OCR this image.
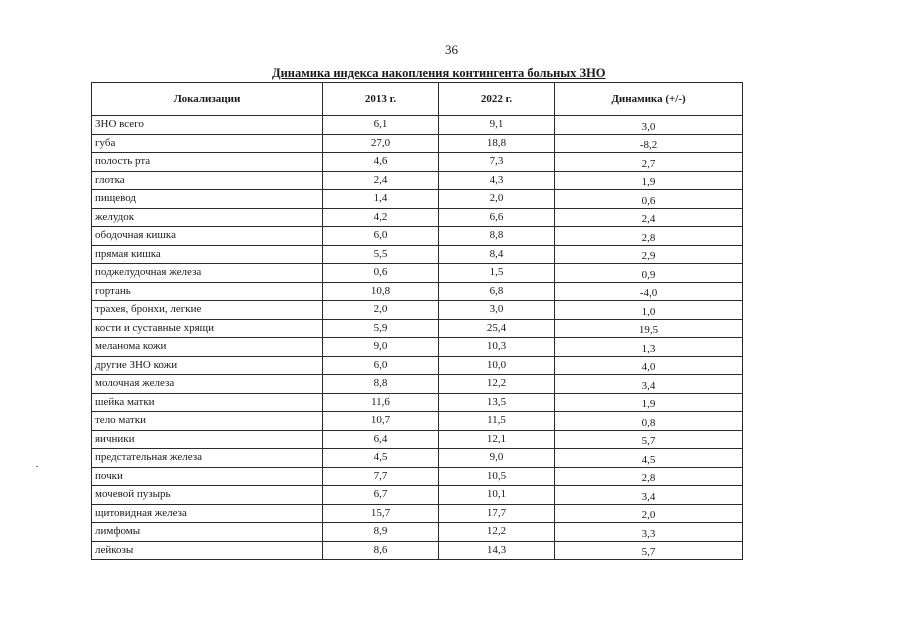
36
Динамика индекса накопления контингента больных ЗНО
Локализации	2013 г.	2022 г.	Динамика (+/-)
ЗНО всего	6,1	9,1	3,0
губа	27,0	18,8	-8,2
полость рта	4,6	7,3	2,7
глотка	2,4	4,3	1,9
пищевод	1,4	2,0	0,6
желудок	4,2	6,6	2,4
ободочная кишка	6,0	8,8	2,8
прямая кишка	5,5	8,4	2,9
поджелудочная железа	0,6	1,5	0,9
гортань	10,8	6,8	-4,0
трахея, бронхи, легкие	2,0	3,0	1,0
кости и суставные хрящи	5,9	25,4	19,5
меланома кожи	9,0	10,3	1,3
другие ЗНО кожи	6,0	10,0	4,0
молочная железа	8,8	12,2	3,4
шейка матки	11,6	13,5	1,9
тело матки	10,7	11,5	0,8
яичники	6,4	12,1	5,7
предстательная железа	4,5	9,0	4,5
почки	7,7	10,5	2,8
мочевой пузырь	6,7	10,1	3,4
щитовидная железа	15,7	17,7	2,0
лимфомы	8,9	12,2	3,3
лейкозы	8,6	14,3	5,7
